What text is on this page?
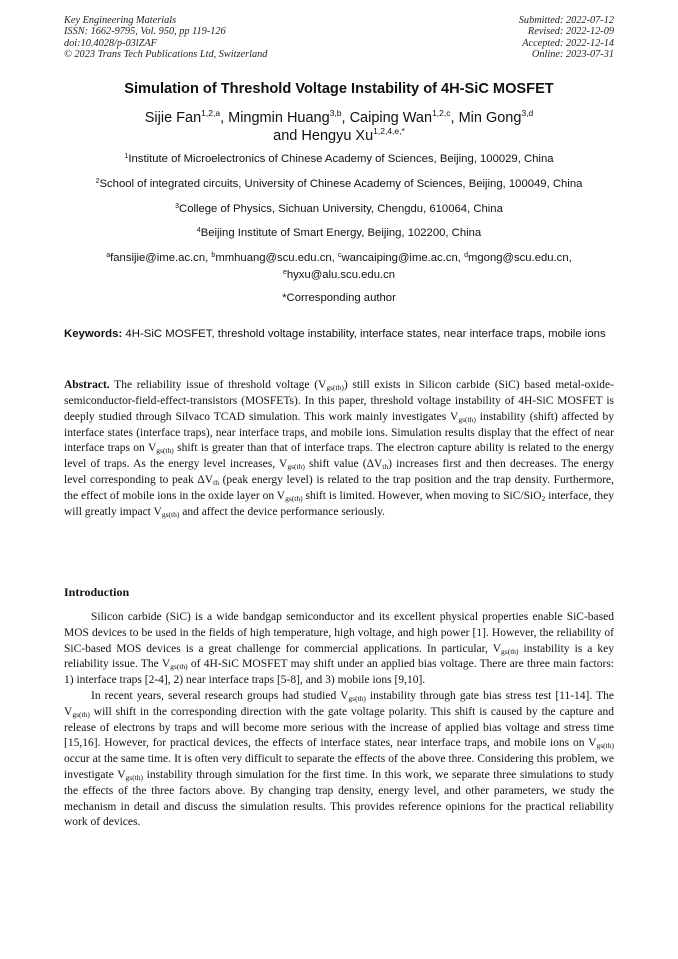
Key Engineering Materials
ISSN: 1662-9795, Vol. 950, pp 119-126
doi:10.4028/p-03lZAF
© 2023 Trans Tech Publications Ltd, Switzerland
Submitted: 2022-07-12
Revised: 2022-12-09
Accepted: 2022-12-14
Online: 2023-07-31
Simulation of Threshold Voltage Instability of 4H-SiC MOSFET
Sijie Fan$^{1,2,a}$, Mingmin Huang$^{3,b}$, Caiping Wan$^{1,2,c}$, Min Gong$^{3,d}$
and Hengyu $Xu^{1,2,4,e,*}$
$^1$Institute of Microelectronics of Chinese Academy of Sciences, Beijing, 100029, China
$^2$School of integrated circuits, University of Chinese Academy of Sciences, Beijing, 100049, China
$^3$College of Physics, Sichuan University, Chengdu, 610064, China
$^4$Beijing Institute of Smart Energy, Beijing, 102200, China
$^a$fansijie@ime.ac.cn, $^b$mmhuang@scu.edu.cn, $^c$wancaiping@ime.ac.cn, $^d$mgong@scu.edu.cn,
$^e$hyxu@alu.scu.edu.cn
*Corresponding author
Keywords: 4H-SiC MOSFET, threshold voltage instability, interface states, near interface traps, mobile ions
Abstract. The reliability issue of threshold voltage $(V_{gs(th)})$ still exists in Silicon carbide (SiC) based metal-oxide-semiconductor-field-effect-transistors (MOSFETs). In this paper, threshold voltage instability of 4H-SiC MOSFET is deeply studied through Silvaco TCAD simulation. This work mainly investigates $V_{gs(th)}$ instability (shift) affected by interface states (interface traps), near interface traps, and mobile ions. Simulation results display that the effect of near interface traps on $V_{gs(th)}$ shift is greater than that of interface traps. The electron capture ability is related to the energy level of traps. As the energy level increases, $V_{gs(th)}$ shift value $(\Delta V_{th})$ increases first and then decreases. The energy level corresponding to peak $\Delta V_{th}$ (peak energy level) is related to the trap position and the trap density. Furthermore, the effect of mobile ions in the oxide layer on $V_{gs(th)}$ shift is limited. However, when moving to SiC/SiO$_2$ interface, they will greatly impact $V_{gs(th)}$ and affect the device performance seriously.
Introduction

Silicon carbide (SiC) is a wide bandgap semiconductor and its excellent physical properties enable SiC-based MOS devices to be used in the fields of high temperature, high voltage, and high power [1]. However, the reliability of SiC-based MOS devices is a great challenge for commercial applications. In particular, $V_{gs(th)}$ instability is a key reliability issue. The $V_{gs(th)}$ of 4H-SiC MOSFET may shift under an applied bias voltage. There are three main factors: 1) interface traps [2-4], 2) near interface traps [5-8], and 3) mobile ions [9,10].

In recent years, several research groups had studied $V_{gs(th)}$ instability through gate bias stress test [11-14]. The $V_{gs(th)}$ will shift in the corresponding direction with the gate voltage polarity. This shift is caused by the capture and release of electrons by traps and will become more serious with the increase of applied bias voltage and stress time [15,16]. However, for practical devices, the effects of interface states, near interface traps, and mobile ions on $V_{gs(th)}$ occur at the same time. It is often very difficult to separate the effects of the above three. Considering this problem, we investigate $V_{gs(th)}$ instability through simulation for the first time. In this work, we separate three simulations to study the effects of the three factors above. By changing trap density, energy level, and other parameters, we study the mechanism in detail and discuss the simulation results. This provides reference opinions for the practical reliability work of devices.
